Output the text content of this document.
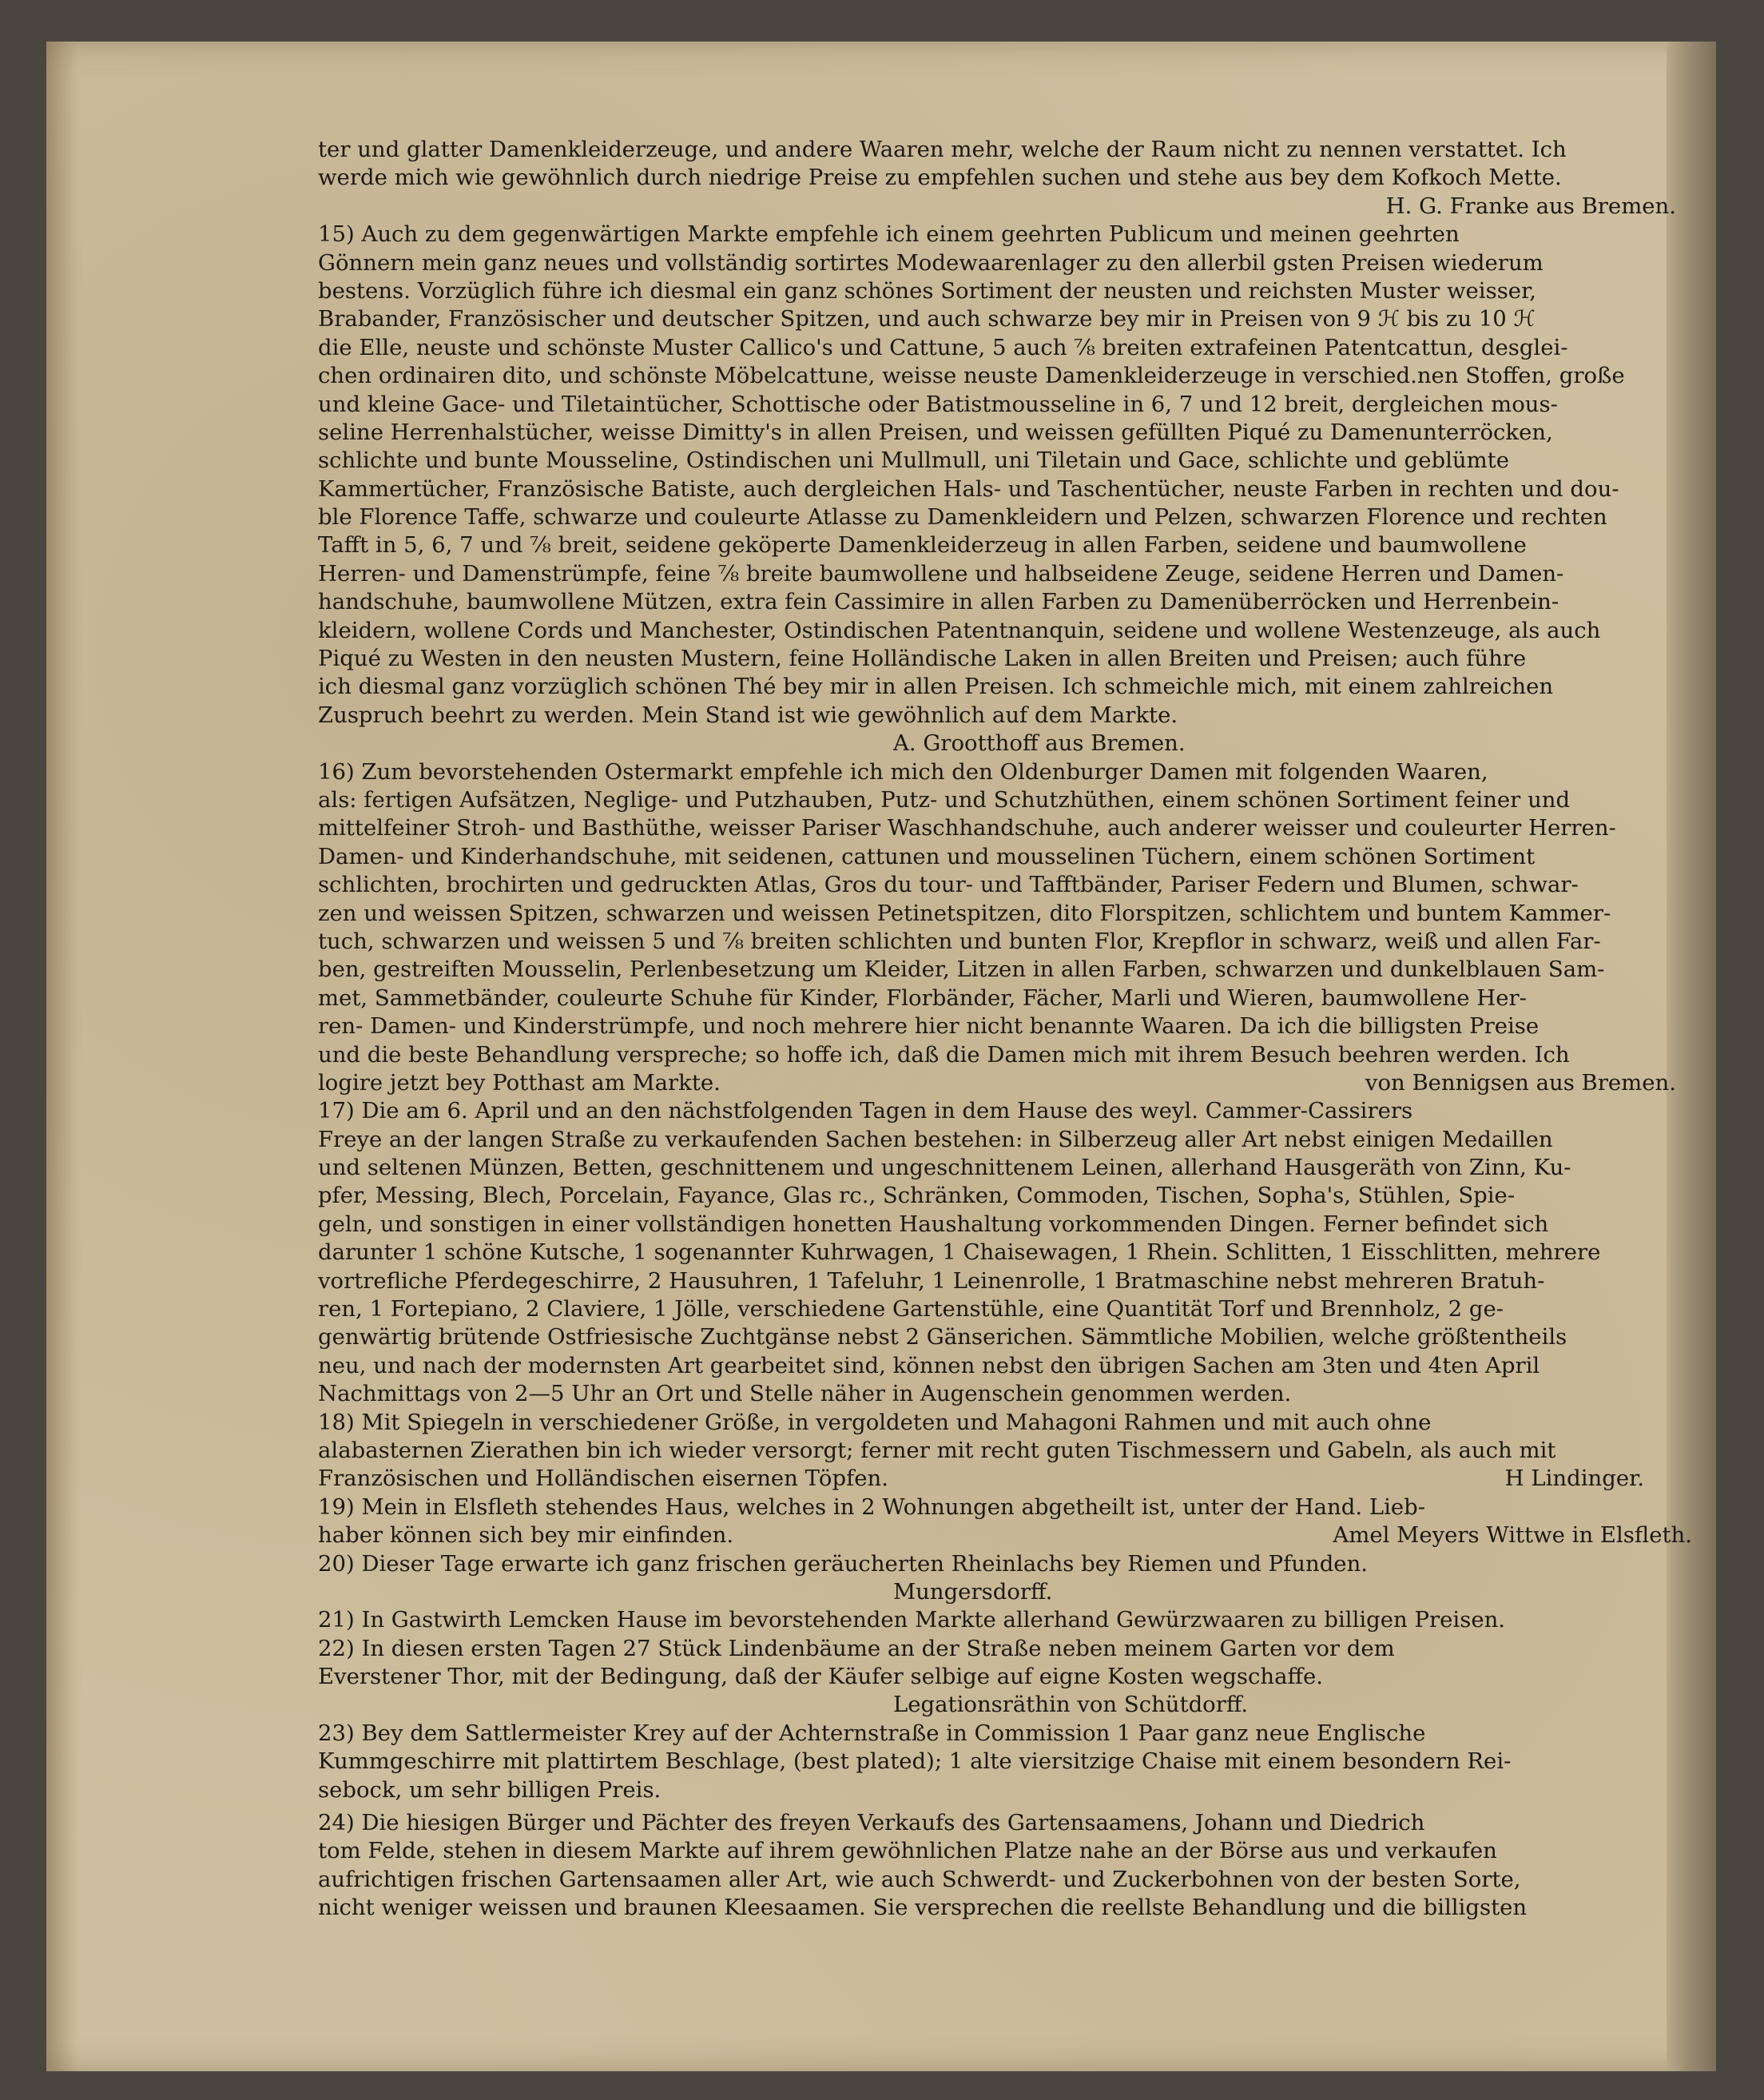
ter und glatter Damenkleiderzeuge, und andere Waaren mehr, welche der Raum nicht zu nennen verstattet. Ich
werde mich wie gewöhnlich durch niedrige Preise zu empfehlen suchen und stehe aus bey dem Kofkoch Mette.
H. G. Franke aus Bremen.
15) Auch zu dem gegenwärtigen Markte empfehle ich einem geehrten Publicum und meinen geehrten
Gönnern mein ganz neues und vollständig sortirtes Modewaarenlager zu den allerbil gsten Preisen wiederum
bestens. Vorzüglich führe ich diesmal ein ganz schönes Sortiment der neusten und reichsten Muster weisser,
Brabander, Französischer und deutscher Spitzen, und auch schwarze bey mir in Preisen von 9 ℋ bis zu 10 ℋ
die Elle, neuste und schönste Muster Callico's und Cattune, 5 auch ⅞ breiten extrafeinen Patentcattun, desglei-
chen ordinairen dito, und schönste Möbelcattune, weisse neuste Damenkleiderzeuge in verschied.nen Stoffen, große
und kleine Gace- und Tiletaintücher, Schottische oder Batistmousseline in 6, 7 und 12 breit, dergleichen mous-
seline Herrenhalstücher, weisse Dimitty's in allen Preisen, und weissen gefüllten Piqué zu Damenunterröcken,
schlichte und bunte Mousseline, Ostindischen uni Mullmull, uni Tiletain und Gace, schlichte und geblümte
Kammertücher, Französische Batiste, auch dergleichen Hals- und Taschentücher, neuste Farben in rechten und dou-
ble Florence Taffe, schwarze und couleurte Atlasse zu Damenkleidern und Pelzen, schwarzen Florence und rechten
Tafft in 5, 6, 7 und ⅞ breit, seidene geköperte Damenkleiderzeug in allen Farben, seidene und baumwollene
Herren- und Damenstrümpfe, feine ⅞ breite baumwollene und halbseidene Zeuge, seidene Herren und Damen-
handschuhe, baumwollene Mützen, extra fein Cassimire in allen Farben zu Damenüberröcken und Herrenbein-
kleidern, wollene Cords und Manchester, Ostindischen Patentnanquin, seidene und wollene Westenzeuge, als auch
Piqué zu Westen in den neusten Mustern, feine Holländische Laken in allen Breiten und Preisen; auch führe
ich diesmal ganz vorzüglich schönen Thé bey mir in allen Preisen. Ich schmeichle mich, mit einem zahlreichen
Zuspruch beehrt zu werden. Mein Stand ist wie gewöhnlich auf dem Markte.
A. Grootthoff aus Bremen.
16) Zum bevorstehenden Ostermarkt empfehle ich mich den Oldenburger Damen mit folgenden Waaren,
als: fertigen Aufsätzen, Neglige- und Putzhauben, Putz- und Schutzhüthen, einem schönen Sortiment feiner und
mittelfeiner Stroh- und Basthüthe, weisser Pariser Waschhandschuhe, auch anderer weisser und couleurter Herren-
Damen- und Kinderhandschuhe, mit seidenen, cattunen und mousselinen Tüchern, einem schönen Sortiment
schlichten, brochirten und gedruckten Atlas, Gros du tour- und Tafftbänder, Pariser Federn und Blumen, schwar-
zen und weissen Spitzen, schwarzen und weissen Petinetspitzen, dito Florspitzen, schlichtem und buntem Kammer-
tuch, schwarzen und weissen 5 und ⅞ breiten schlichten und bunten Flor, Krepflor in schwarz, weiß und allen Far-
ben, gestreiften Mousselin, Perlenbesetzung um Kleider, Litzen in allen Farben, schwarzen und dunkelblauen Sam-
met, Sammetbänder, couleurte Schuhe für Kinder, Florbänder, Fächer, Marli und Wieren, baumwollene Her-
ren- Damen- und Kinderstrümpfe, und noch mehrere hier nicht benannte Waaren. Da ich die billigsten Preise
und die beste Behandlung verspreche; so hoffe ich, daß die Damen mich mit ihrem Besuch beehren werden. Ich
logire jetzt bey Potthast am Markte.	von Bennigsen aus Bremen.
17) Die am 6. April und an den nächstfolgenden Tagen in dem Hause des weyl. Cammer-Cassirers
Freye an der langen Straße zu verkaufenden Sachen bestehen: in Silberzeug aller Art nebst einigen Medaillen
und seltenen Münzen, Betten, geschnittenem und ungeschnittenem Leinen, allerhand Hausgeräth von Zinn, Ku-
pfer, Messing, Blech, Porcelain, Fayance, Glas rc., Schränken, Commoden, Tischen, Sopha's, Stühlen, Spie-
geln, und sonstigen in einer vollständigen honetten Haushaltung vorkommenden Dingen. Ferner befindet sich
darunter 1 schöne Kutsche, 1 sogenannter Kuhrwagen, 1 Chaisewagen, 1 Rhein. Schlitten, 1 Eisschlitten, mehrere
vortrefliche Pferdegeschirre, 2 Hausuhren, 1 Tafeluhr, 1 Leinenrolle, 1 Bratmaschine nebst mehreren Bratuh-
ren, 1 Fortepiano, 2 Claviere, 1 Jölle, verschiedene Gartenstühle, eine Quantität Torf und Brennholz, 2 ge-
genwärtig brütende Ostfriesische Zuchtgänse nebst 2 Gänserichen. Sämmtliche Mobilien, welche größtentheils
neu, und nach der modernsten Art gearbeitet sind, können nebst den übrigen Sachen am 3ten und 4ten April
Nachmittags von 2—5 Uhr an Ort und Stelle näher in Augenschein genommen werden.
18) Mit Spiegeln in verschiedener Größe, in vergoldeten und Mahagoni Rahmen und mit auch ohne
alabasternen Zierathen bin ich wieder versorgt; ferner mit recht guten Tischmessern und Gabeln, als auch mit
Französischen und Holländischen eisernen Töpfen.	H Lindinger.
19) Mein in Elsfleth stehendes Haus, welches in 2 Wohnungen abgetheilt ist, unter der Hand. Lieb-
haber können sich bey mir einfinden.	Amel Meyers Wittwe in Elsfleth.
20) Dieser Tage erwarte ich ganz frischen geräucherten Rheinlachs bey Riemen und Pfunden.
Mungersdorff.
21) In Gastwirth Lemcken Hause im bevorstehenden Markte allerhand Gewürzwaaren zu billigen Preisen.
22) In diesen ersten Tagen 27 Stück Lindenbäume an der Straße neben meinem Garten vor dem
Everstener Thor, mit der Bedingung, daß der Käufer selbige auf eigne Kosten wegschaffe.
Legationsräthin von Schütdorff.
23) Bey dem Sattlermeister Krey auf der Achternstraße in Commission 1 Paar ganz neue Englische
Kummgeschirre mit plattirtem Beschlage, (best plated); 1 alte viersitzige Chaise mit einem besondern Rei-
sebock, um sehr billigen Preis.
24) Die hiesigen Bürger und Pächter des freyen Verkaufs des Gartensaamens, Johann und Diedrich
tom Felde, stehen in diesem Markte auf ihrem gewöhnlichen Platze nahe an der Börse aus und verkaufen
aufrichtigen frischen Gartensaamen aller Art, wie auch Schwerdt- und Zuckerbohnen von der besten Sorte,
nicht weniger weissen und braunen Kleesaamen. Sie versprechen die reellste Behandlung und die billigsten
